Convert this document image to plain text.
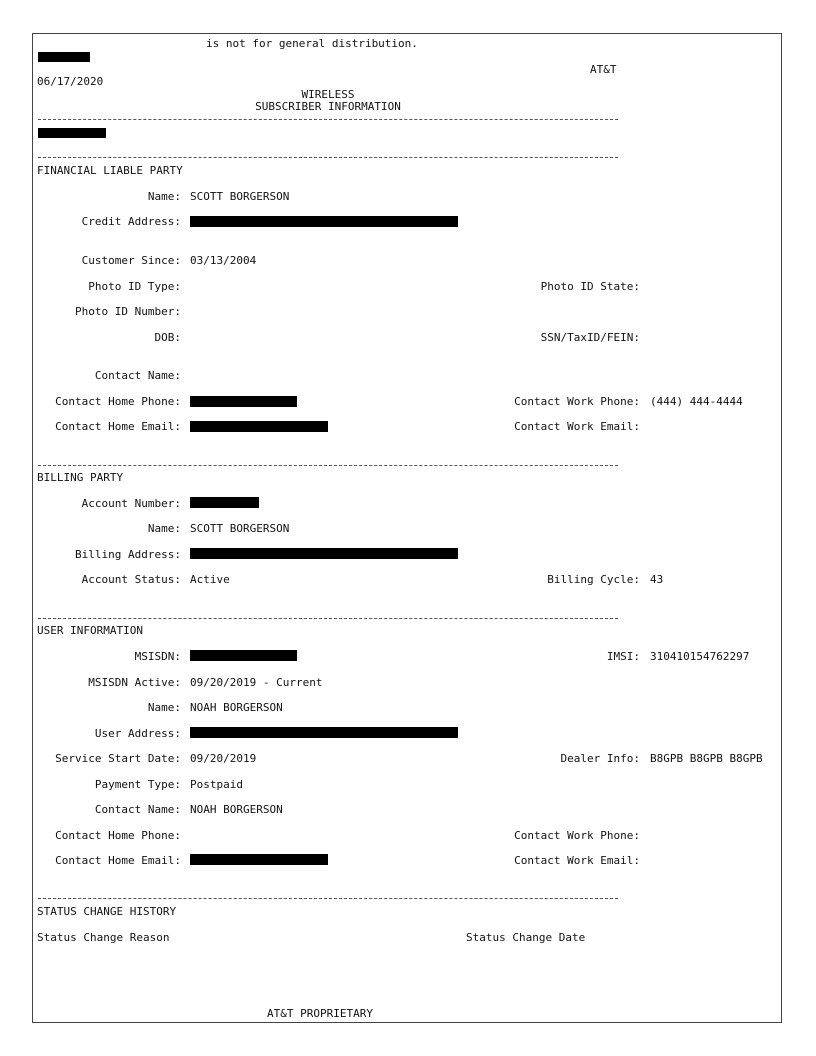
is not for general distribution.
AT&T
06/17/2020
WIRELESS
SUBSCRIBER INFORMATION
FINANCIAL LIABLE PARTY
Name: SCOTT BORGERSON
Credit Address:
Customer Since: 03/13/2004
Photo ID Type:	Photo ID State:
Photo ID Number:
DOB:	SSN/TaxID/FEIN:
Contact Name:
Contact Home Phone:	Contact Work Phone: (444) 444-4444
Contact Home Email:	Contact Work Email:
BILLING PARTY
Account Number:
Name: SCOTT BORGERSON
Billing Address:
Account Status: Active	Billing Cycle: 43
USER INFORMATION
MSISDN:	IMSI: 310410154762297
MSISDN Active: 09/20/2019 - Current
Name: NOAH BORGERSON
User Address:
Service Start Date: 09/20/2019	Dealer Info: B8GPB B8GPB B8GPB
Payment Type: Postpaid
Contact Name: NOAH BORGERSON
Contact Home Phone:	Contact Work Phone:
Contact Home Email:	Contact Work Email:
STATUS CHANGE HISTORY
Status Change Reason	Status Change Date
AT&T PROPRIETARY
